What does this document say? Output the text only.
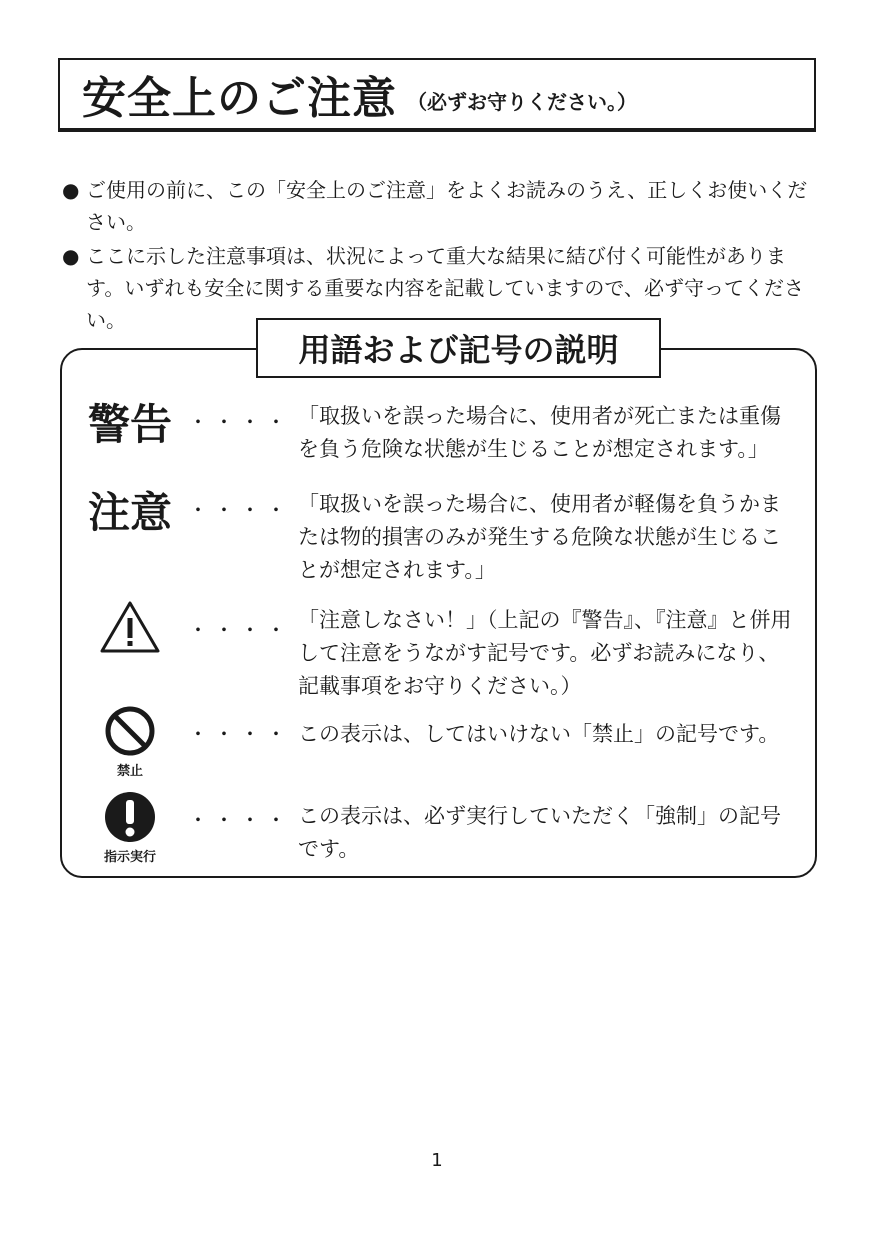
安全上のご注意 （必ずお守りください。）
● ご使用の前に、この「安全上のご注意」をよくお読みのうえ、正しくお使いください。
● ここに示した注意事項は、状況によって重大な結果に結び付く可能性があります。いずれも安全に関する重要な内容を記載していますので、必ず守ってください。
用語および記号の説明
警告 ・・・・ 「取扱いを誤った場合に、使用者が死亡または重傷を負う危険な状態が生じることが想定されます。」
注意 ・・・・ 「取扱いを誤った場合に、使用者が軽傷を負うかまたは物的損害のみが発生する危険な状態が生じることが想定されます。」
・・・・ 「注意しなさい！」（上記の『警告』、『注意』と併用して注意をうながす記号です。必ずお読みになり、記載事項をお守りください。）
禁止
・・・・ この表示は、してはいけない「禁止」の記号です。
指示実行
・・・・ この表示は、必ず実行していただく「強制」の記号です。
1
